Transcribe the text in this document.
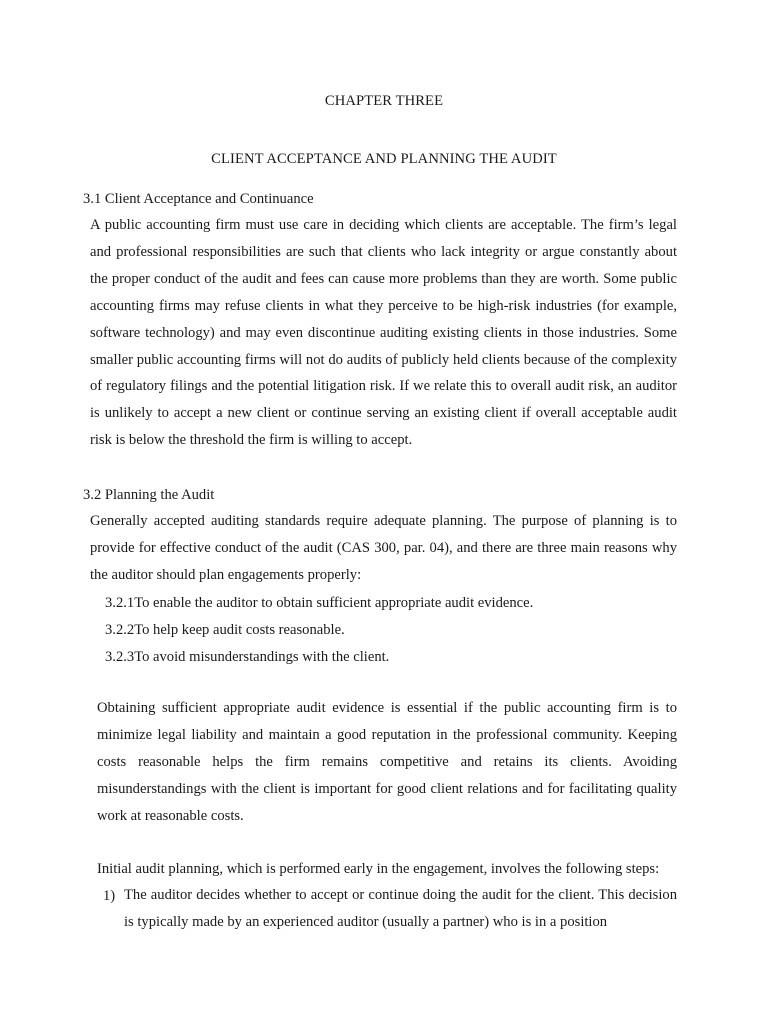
CHAPTER THREE
CLIENT ACCEPTANCE AND PLANNING THE AUDIT
3.1 Client Acceptance and Continuance

A public accounting firm must use care in deciding which clients are acceptable. The firm’s legal and professional responsibilities are such that clients who lack integrity or argue constantly about the proper conduct of the audit and fees can cause more problems than they are worth. Some public accounting firms may refuse clients in what they perceive to be high-risk industries (for example, software technology) and may even discontinue auditing existing clients in those industries. Some smaller public accounting firms will not do audits of publicly held clients because of the complexity of regulatory filings and the potential litigation risk. If we relate this to overall audit risk, an auditor is unlikely to accept a new client or continue serving an existing client if overall acceptable audit risk is below the threshold the firm is willing to accept.

3.2 Planning the Audit

Generally accepted auditing standards require adequate planning. The purpose of planning is to provide for effective conduct of the audit (CAS 300, par. 04), and there are three main reasons why the auditor should plan engagements properly:

3.2.1To enable the auditor to obtain sufficient appropriate audit evidence.
3.2.2To help keep audit costs reasonable.
3.2.3To avoid misunderstandings with the client.

Obtaining sufficient appropriate audit evidence is essential if the public accounting firm is to minimize legal liability and maintain a good reputation in the professional community. Keeping costs reasonable helps the firm remains competitive and retains its clients. Avoiding misunderstandings with the client is important for good client relations and for facilitating quality work at reasonable costs.

Initial audit planning, which is performed early in the engagement, involves the following steps:
1) The auditor decides whether to accept or continue doing the audit for the client. This decision is typically made by an experienced auditor (usually a partner) who is in a position
